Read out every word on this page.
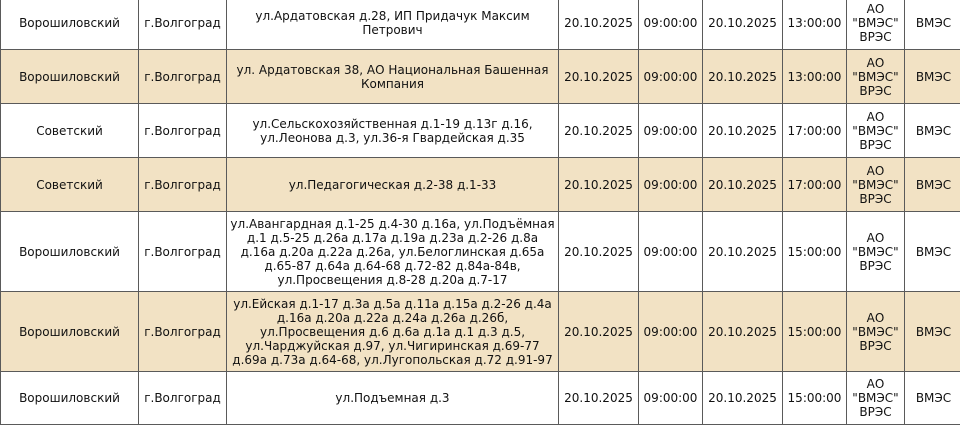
Ворошиловский	г.Волгоград	ул.Ардатовская д.28, ИП Придачук Максим Петрович	20.10.2025	09:00:00	20.10.2025	13:00:00	АО "ВМЭС" ВРЭС	ВМЭС
Ворошиловский	г.Волгоград	ул. Ардатовская 38, АО Национальная Башенная Компания	20.10.2025	09:00:00	20.10.2025	13:00:00	АО "ВМЭС" ВРЭС	ВМЭС
Советский	г.Волгоград	ул.Сельскохозяйственная д.1-19 д.13г д.16, ул.Леонова д.3, ул.36-я Гвардейская д.35	20.10.2025	09:00:00	20.10.2025	17:00:00	АО "ВМЭС" ВРЭС	ВМЭС
Советский	г.Волгоград	ул.Педагогическая д.2-38 д.1-33	20.10.2025	09:00:00	20.10.2025	17:00:00	АО "ВМЭС" ВРЭС	ВМЭС
Ворошиловский	г.Волгоград	ул.Авангардная д.1-25 д.4-30 д.16а, ул.Подъёмная д.1 д.5-25 д.26а д.17а д.19а д.23а д.2-26 д.8а д.16а д.20а д.22а д.26а, ул.Белоглинская д.65а д.65-87 д.64а д.64-68 д.72-82 д.84а-84в, ул.Просвещения д.8-28 д.20а д.7-17	20.10.2025	09:00:00	20.10.2025	15:00:00	АО "ВМЭС" ВРЭС	ВМЭС
Ворошиловский	г.Волгоград	ул.Ейская д.1-17 д.3а д.5а д.11а д.15а д.2-26 д.4а д.16а д.20а д.22а д.24а д.26а д.26б, ул.Просвещения д.6 д.6а д.1а д.1 д.3 д.5, ул.Чарджуйская д.97, ул.Чигиринская д.69-77 д.69а д.73а д.64-68, ул.Лугопольская д.72 д.91-97	20.10.2025	09:00:00	20.10.2025	15:00:00	АО "ВМЭС" ВРЭС	ВМЭС
Ворошиловский	г.Волгоград	ул.Подъемная д.3	20.10.2025	09:00:00	20.10.2025	15:00:00	АО "ВМЭС" ВРЭС	ВМЭС
